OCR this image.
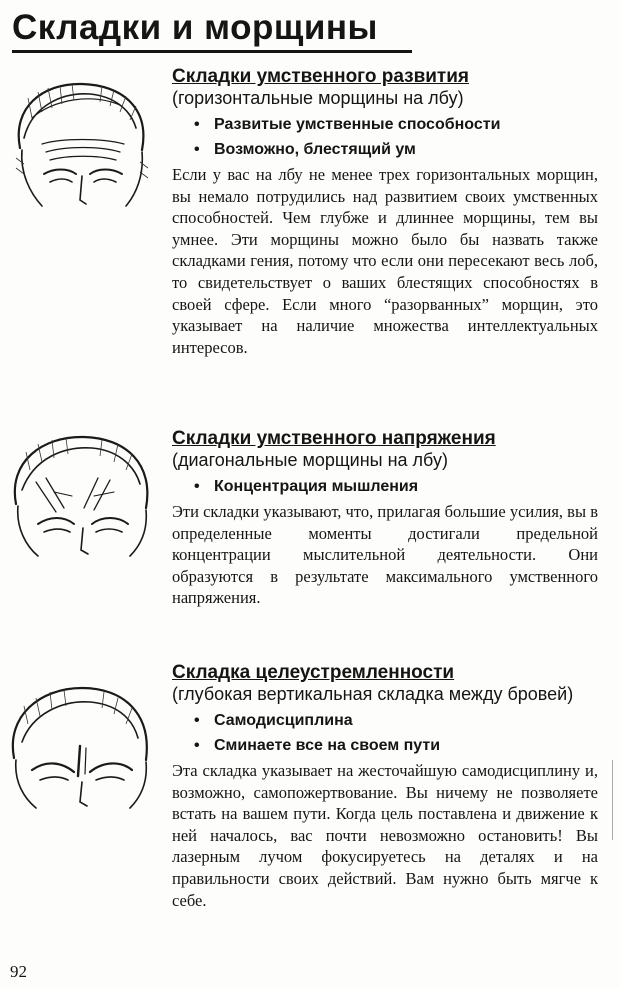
Складки и морщины
Складки умственного развития
(горизонтальные морщины на лбу)
• Развитые умственные способности
• Возможно, блестящий ум
Если у вас на лбу не менее трех горизонтальных морщин, вы немало потрудились над развитием своих умственных способностей. Чем глубже и длиннее морщины, тем вы умнее. Эти морщины можно было бы назвать также складками гения, потому что если они пересекают весь лоб, то свидетельствует о ваших блестящих способностях в своей сфере. Если много “разорванных” морщин, это указывает на наличие множества интеллектуальных интересов.
Складки умственного напряжения
(диагональные морщины на лбу)
• Концентрация мышления
Эти складки указывают, что, прилагая большие усилия, вы в определенные моменты достигали предельной концентрации мыслительной деятельности. Они образуются в результате максимального умственного напряжения.
Складка целеустремленности
(глубокая вертикальная складка между бровей)
• Самодисциплина
• Сминаете все на своем пути
Эта складка указывает на жесточайшую самодисциплину и, возможно, самопожертвование. Вы ничему не позволяете встать на вашем пути. Когда цель поставлена и движение к ней началось, вас почти невозможно остановить! Вы лазерным лучом фокусируетесь на деталях и на правильности своих действий. Вам нужно быть мягче к себе.
92
